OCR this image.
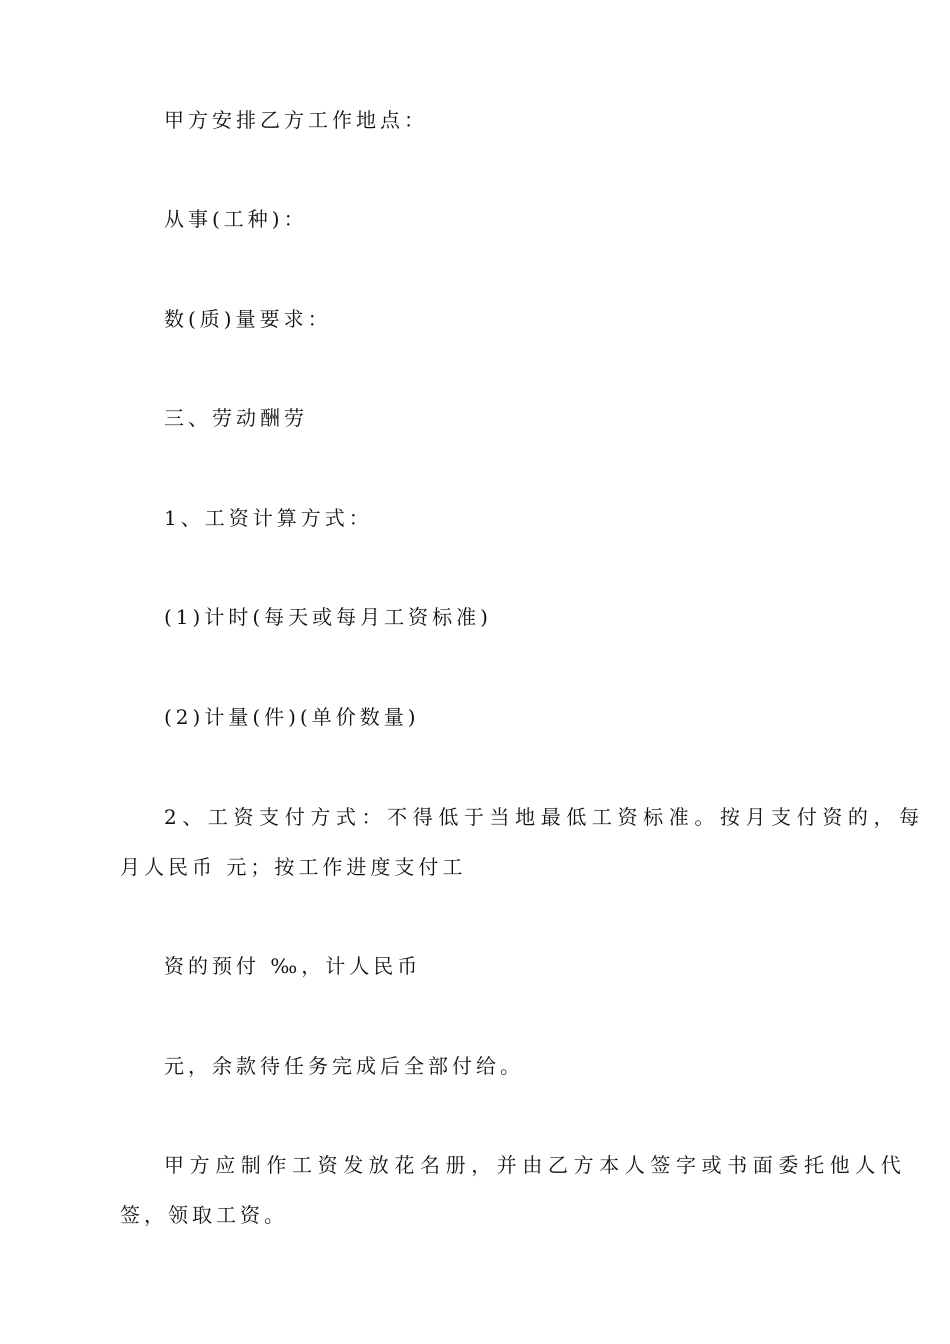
甲方安排乙方工作地点：
从事(工种)：
数(质)量要求：
三、劳动酬劳
1、工资计算方式：
(1)计时(每天或每月工资标准)
(2)计量(件)(单价数量)
2、工资支付方式：不得低于当地最低工资标准。按月支付资的，每
月人民币 元；按工作进度支付工
资的预付 ‰，计人民币
元，余款待任务完成后全部付给。
甲方应制作工资发放花名册，并由乙方本人签字或书面委托他人代
签，领取工资。
